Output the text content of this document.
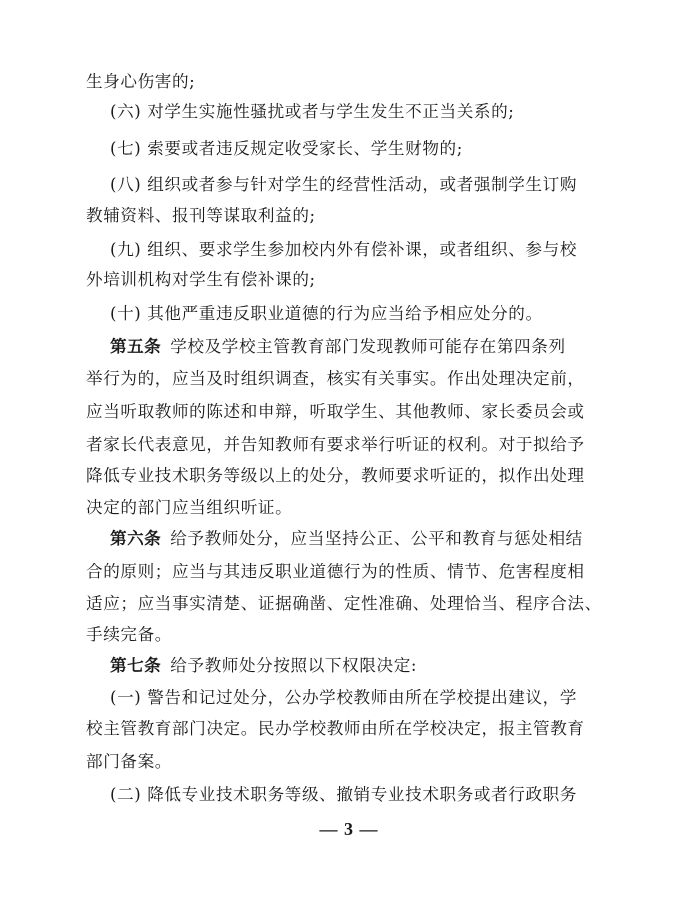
生身心伤害的;
(六) 对学生实施性骚扰或者与学生发生不正当关系的;
(七) 索要或者违反规定收受家长、学生财物的;
(八) 组织或者参与针对学生的经营性活动，或者强制学生订购
教辅资料、报刊等谋取利益的;
(九) 组织、要求学生参加校内外有偿补课，或者组织、参与校
外培训机构对学生有偿补课的;
(十) 其他严重违反职业道德的行为应当给予相应处分的。
第五条  学校及学校主管教育部门发现教师可能存在第四条列
举行为的，应当及时组织调查，核实有关事实。作出处理决定前，
应当听取教师的陈述和申辩，听取学生、其他教师、家长委员会或
者家长代表意见，并告知教师有要求举行听证的权利。对于拟给予
降低专业技术职务等级以上的处分，教师要求听证的，拟作出处理
决定的部门应当组织听证。
第六条  给予教师处分，应当坚持公正、公平和教育与惩处相结
合的原则；应当与其违反职业道德行为的性质、情节、危害程度相
适应；应当事实清楚、证据确凿、定性准确、处理恰当、程序合法、
手续完备。
第七条  给予教师处分按照以下权限决定:
(一) 警告和记过处分，公办学校教师由所在学校提出建议，学
校主管教育部门决定。民办学校教师由所在学校决定，报主管教育
部门备案。
(二) 降低专业技术职务等级、撤销专业技术职务或者行政职务
— 3 —
